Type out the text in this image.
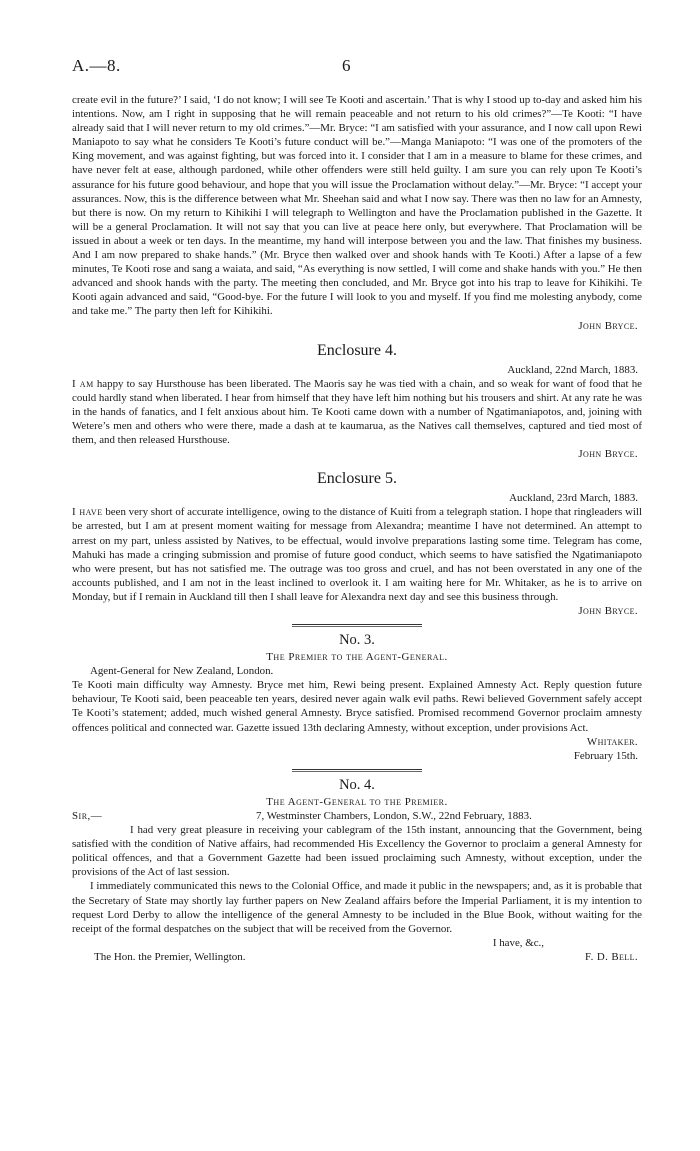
A.—8.	6

create evil in the future?’ I said, ‘I do not know; I will see Te Kooti and ascertain.’ That is why I stood up to-day and asked him his intentions. Now, am I right in supposing that he will remain peaceable and not return to his old crimes?”—Te Kooti: “I have already said that I will never return to my old crimes.”—Mr. Bryce: “I am satisfied with your assurance, and I now call upon Rewi Maniapoto to say what he considers Te Kooti’s future conduct will be.”—Manga Maniapoto: “I was one of the promoters of the King movement, and was against fighting, but was forced into it. I consider that I am in a measure to blame for these crimes, and have never felt at ease, although pardoned, while other offenders were still held guilty. I am sure you can rely upon Te Kooti’s assurance for his future good behaviour, and hope that you will issue the Proclamation without delay.”—Mr. Bryce: “I accept your assurances. Now, this is the difference between what Mr. Sheehan said and what I now say. There was then no law for an Amnesty, but there is now. On my return to Kihikihi I will telegraph to Wellington and have the Proclamation published in the Gazette. It will be a general Proclamation. It will not say that you can live at peace here only, but everywhere. That Proclamation will be issued in about a week or ten days. In the meantime, my hand will interpose between you and the law. That finishes my business. And I am now prepared to shake hands.” (Mr. Bryce then walked over and shook hands with Te Kooti.) After a lapse of a few minutes, Te Kooti rose and sang a waiata, and said, “As everything is now settled, I will come and shake hands with you.” He then advanced and shook hands with the party. The meeting then concluded, and Mr. Bryce got into his trap to leave for Kihikihi. Te Kooti again advanced and said, “Good-bye. For the future I will look to you and myself. If you find me molesting anybody, come and take me.” The party then left for Kihikihi.

John Bryce.

Enclosure 4.

Auckland, 22nd March, 1883.

I am happy to say Hursthouse has been liberated. The Maoris say he was tied with a chain, and so weak for want of food that he could hardly stand when liberated. I hear from himself that they have left him nothing but his trousers and shirt. At any rate he was in the hands of fanatics, and I felt anxious about him. Te Kooti came down with a number of Ngatimaniapotos, and, joining with Wetere’s men and others who were there, made a dash at te kaumarua, as the Natives call themselves, captured and tied most of them, and then released Hursthouse.

John Bryce.

Enclosure 5.

Auckland, 23rd March, 1883.

I have been very short of accurate intelligence, owing to the distance of Kuiti from a telegraph station. I hope that ringleaders will be arrested, but I am at present moment waiting for message from Alexandra; meantime I have not determined. An attempt to arrest on my part, unless assisted by Natives, to be effectual, would involve preparations lasting some time. Telegram has come, Mahuki has made a cringing submission and promise of future good conduct, which seems to have satisfied the Ngatimaniapoto who were present, but has not satisfied me. The outrage was too gross and cruel, and has not been overstated in any one of the accounts published, and I am not in the least inclined to overlook it. I am waiting here for Mr. Whitaker, as he is to arrive on Monday, but if I remain in Auckland till then I shall leave for Alexandra next day and see this business through.

John Bryce.

No. 3.

The Premier to the Agent-General.

Agent-General for New Zealand, London.

Te Kooti main difficulty way Amnesty. Bryce met him, Rewi being present. Explained Amnesty Act. Reply question future behaviour, Te Kooti said, been peaceable ten years, desired never again walk evil paths. Rewi believed Government safely accept Te Kooti’s statement; added, much wished general Amnesty. Bryce satisfied. Promised recommend Governor proclaim amnesty offences political and connected war. Gazette issued 13th declaring Amnesty, without exception, under provisions Act.

Whitaker.

February 15th.

No. 4.

The Agent-General to the Premier.

Sir,—	7, Westminster Chambers, London, S.W., 22nd February, 1883.

I had very great pleasure in receiving your cablegram of the 15th instant, announcing that the Government, being satisfied with the condition of Native affairs, had recommended His Excellency the Governor to proclaim a general Amnesty for political offences, and that a Government Gazette had been issued proclaiming such Amnesty, without exception, under the provisions of the Act of last session.

I immediately communicated this news to the Colonial Office, and made it public in the newspapers; and, as it is probable that the Secretary of State may shortly lay further papers on New Zealand affairs before the Imperial Parliament, it is my intention to request Lord Derby to allow the intelligence of the general Amnesty to be included in the Blue Book, without waiting for the receipt of the formal despatches on the subject that will be received from the Governor.

I have, &c.,

The Hon. the Premier, Wellington.	F. D. Bell.
